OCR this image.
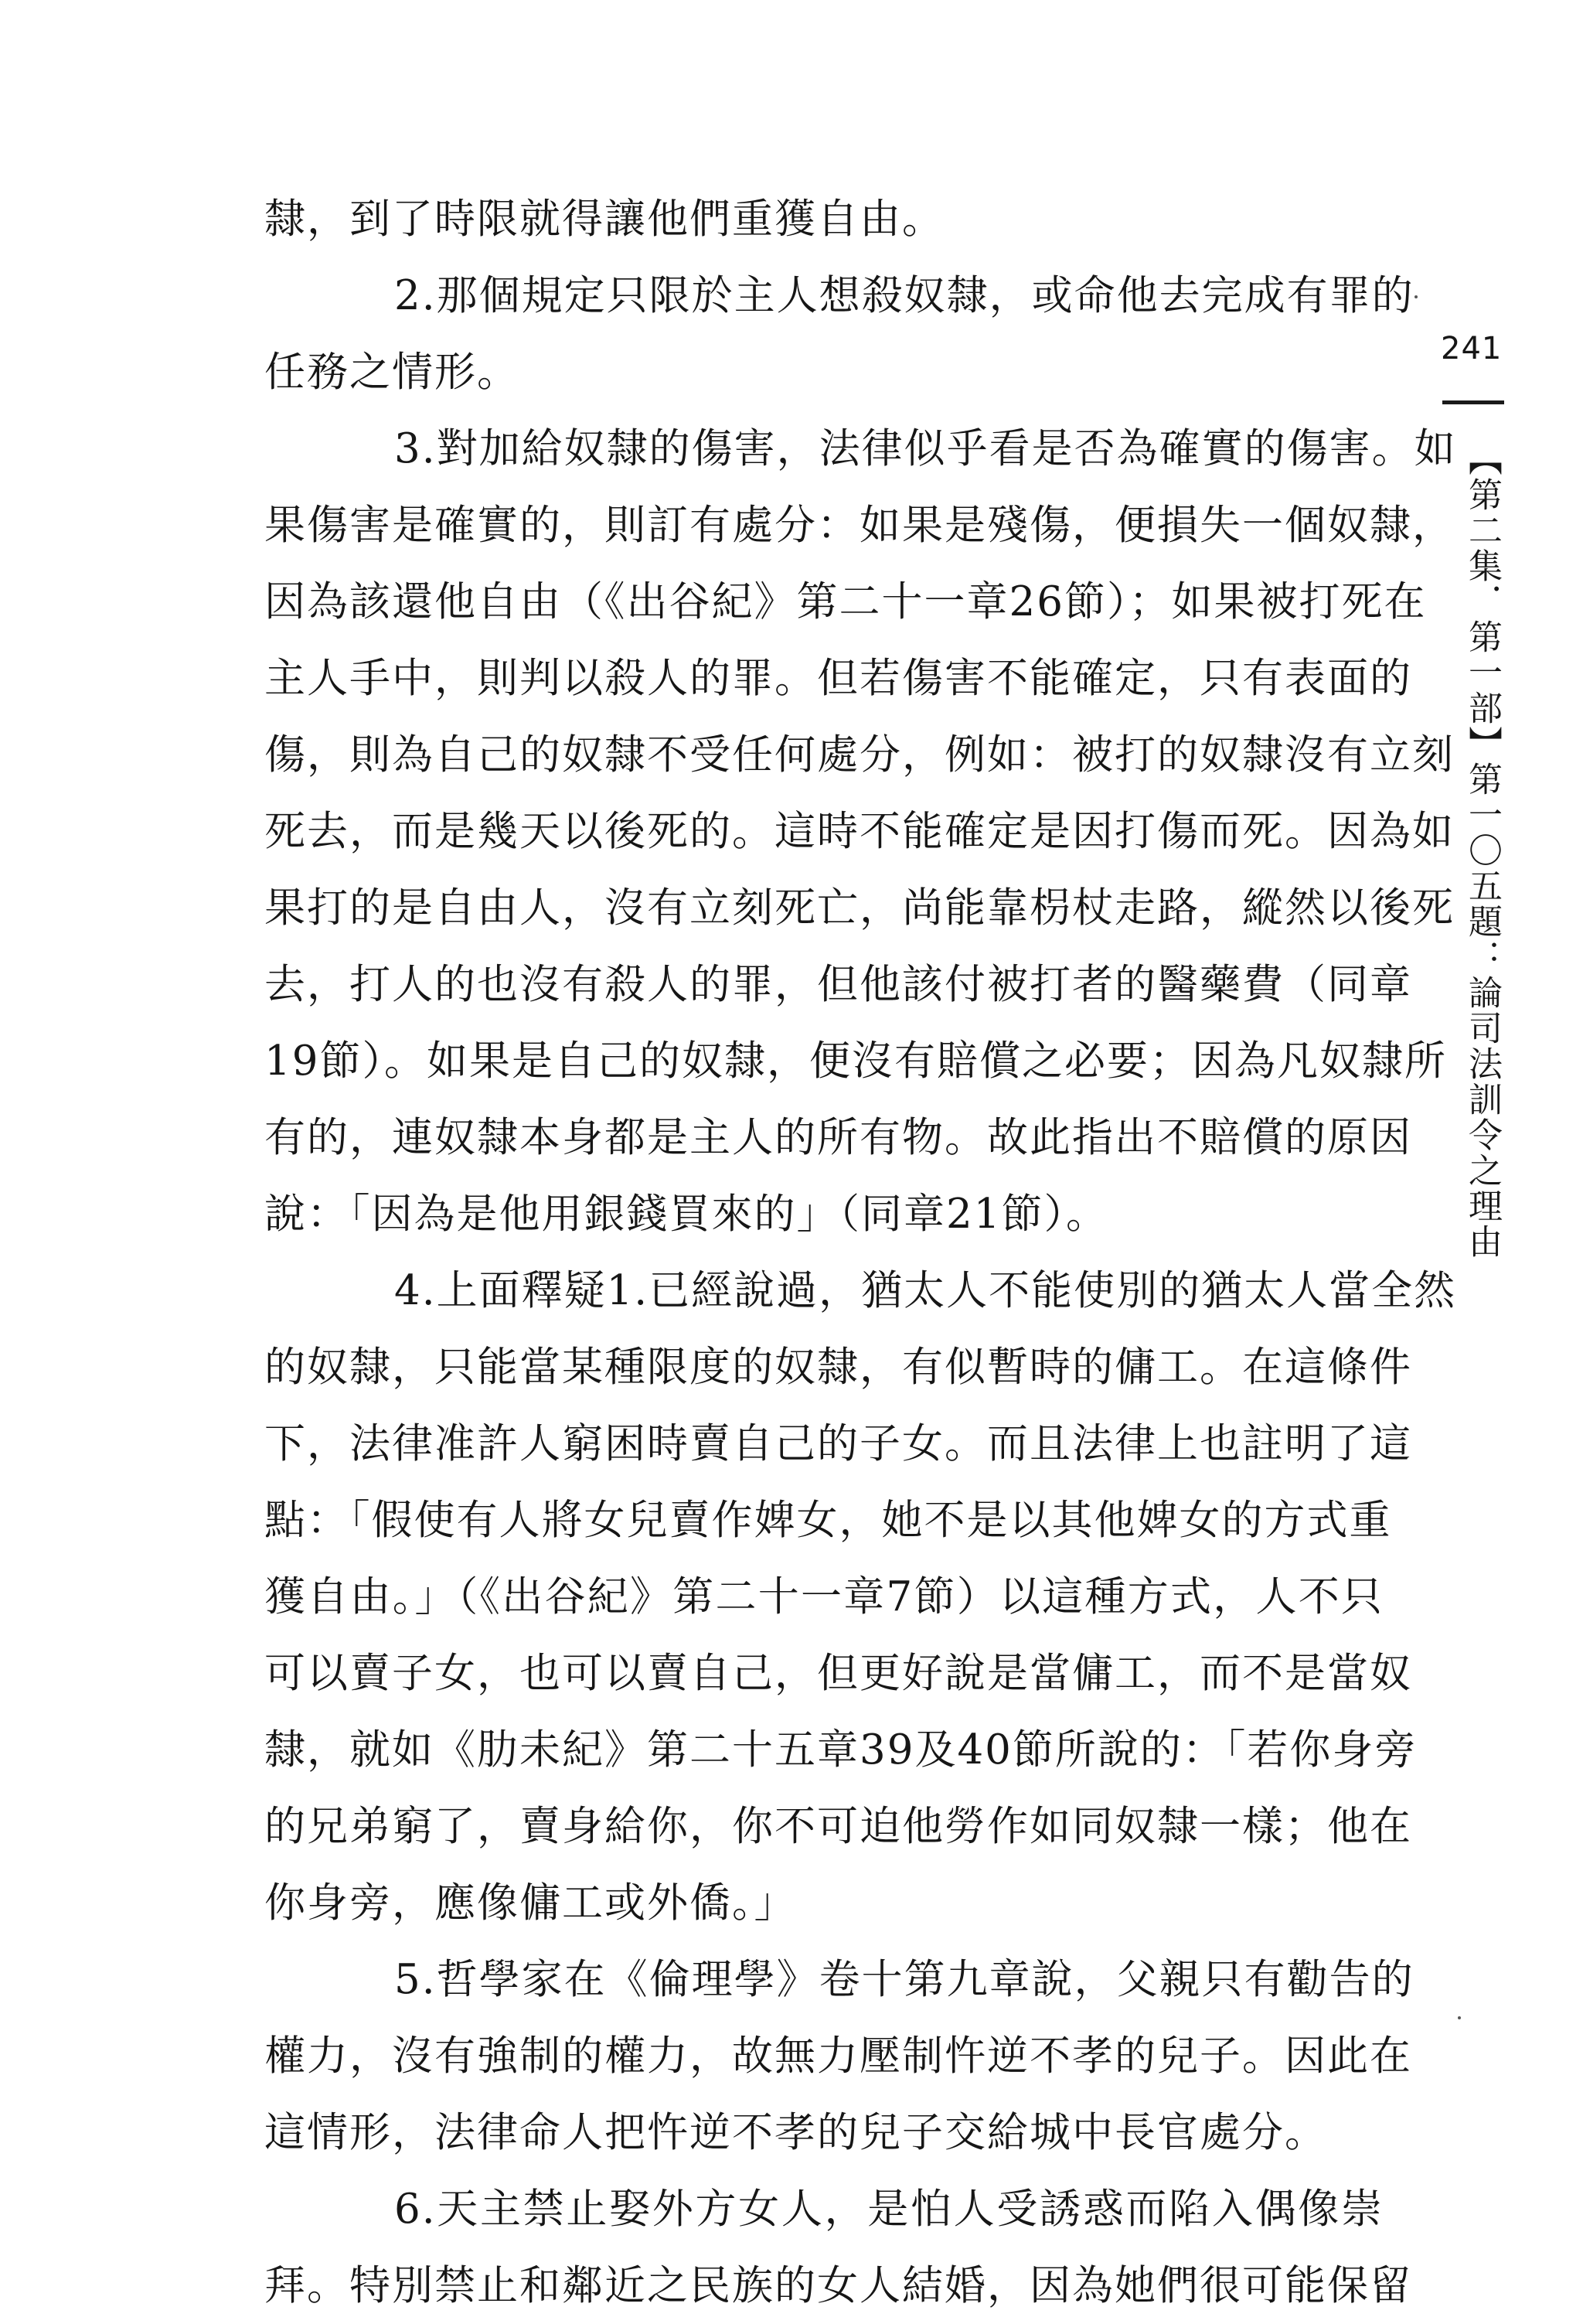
241
【第二集．第一部】第一〇五題：論司法訓令之理由
隸，到了時限就得讓他們重獲自由。
2.那個規定只限於主人想殺奴隸，或命他去完成有罪的
任務之情形。
3.對加給奴隸的傷害，法律似乎看是否為確實的傷害。如
果傷害是確實的，則訂有處分：如果是殘傷，便損失一個奴隸，
因為該還他自由（《出谷紀》第二十一章26節）；如果被打死在
主人手中，則判以殺人的罪。但若傷害不能確定，只有表面的
傷，則為自己的奴隸不受任何處分，例如：被打的奴隸沒有立刻
死去，而是幾天以後死的。這時不能確定是因打傷而死。因為如
果打的是自由人，沒有立刻死亡，尚能靠枴杖走路，縱然以後死
去，打人的也沒有殺人的罪，但他該付被打者的醫藥費（同章
19節）。如果是自己的奴隸，便沒有賠償之必要；因為凡奴隸所
有的，連奴隸本身都是主人的所有物。故此指出不賠償的原因
說：「因為是他用銀錢買來的」（同章21節）。
4.上面釋疑1.已經說過，猶太人不能使別的猶太人當全然
的奴隸，只能當某種限度的奴隸，有似暫時的傭工。在這條件
下，法律准許人窮困時賣自己的子女。而且法律上也註明了這
點：「假使有人將女兒賣作婢女，她不是以其他婢女的方式重
獲自由。」（《出谷紀》第二十一章7節）以這種方式，人不只
可以賣子女，也可以賣自己，但更好說是當傭工，而不是當奴
隸，就如《肋未紀》第二十五章39及40節所說的：「若你身旁
的兄弟窮了，賣身給你，你不可迫他勞作如同奴隸一樣；他在
你身旁，應像傭工或外僑。」
5.哲學家在《倫理學》卷十第九章說，父親只有勸告的
權力，沒有強制的權力，故無力壓制忤逆不孝的兒子。因此在
這情形，法律命人把忤逆不孝的兒子交給城中長官處分。
6.天主禁止娶外方女人，是怕人受誘惑而陷入偶像崇
拜。特別禁止和鄰近之民族的女人結婚，因為她們很可能保留
